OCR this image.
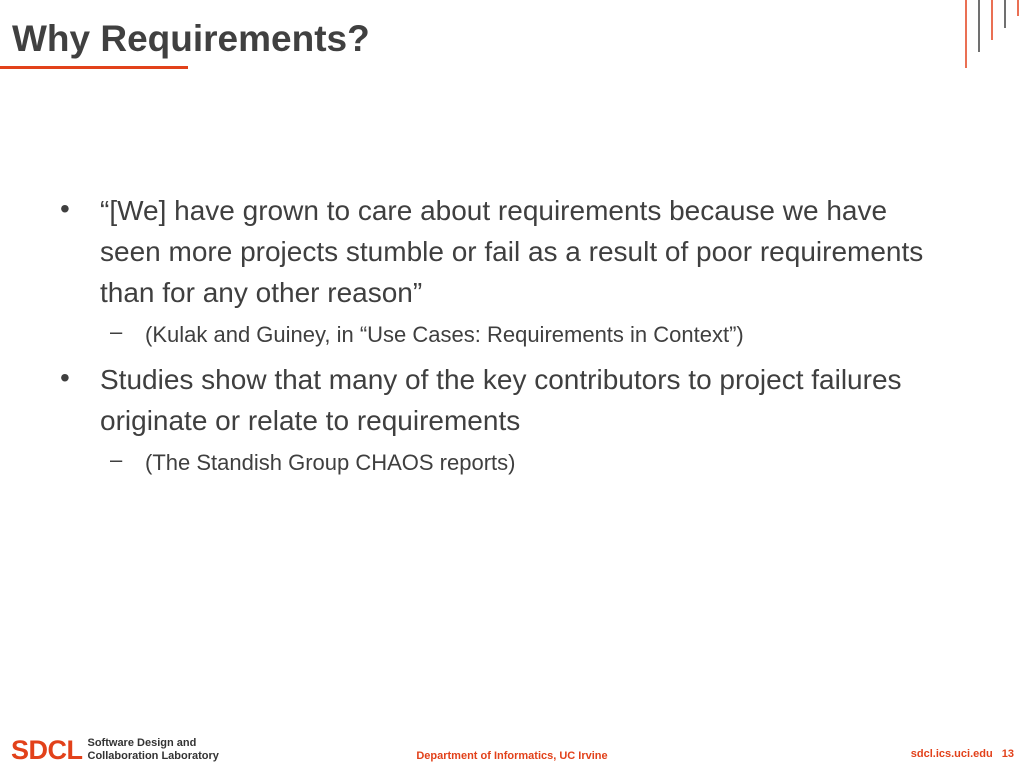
Why Requirements?
• “[We] have grown to care about requirements because we have seen more projects stumble or fail as a result of poor requirements than for any other reason”
– (Kulak and Guiney, in “Use Cases: Requirements in Context”)
• Studies show that many of the key contributors to project failures originate or relate to requirements
– (The Standish Group CHAOS reports)
SDCL Software Design and
Collaboration Laboratory	Department of Informatics, UC Irvine	sdcl.ics.uci.edu 13
